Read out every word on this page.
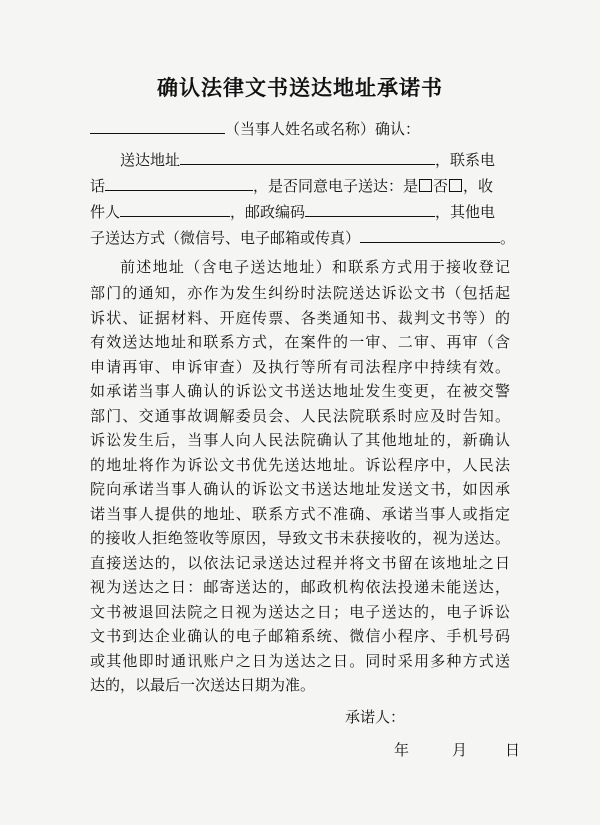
确认法律文书送达地址承诺书
（当事人姓名或名称）确认：
送达地址	，联系电
话	，是否同意电子送达：是 否 ，收
件人	，邮政编码	，其他电
子送达方式（微信号、电子邮箱或传真）	。
前述地址（含电子送达地址）和联系方式用于接收登记
部门的通知，亦作为发生纠纷时法院送达诉讼文书（包括起
诉状、证据材料、开庭传票、各类通知书、裁判文书等）的
有效送达地址和联系方式，在案件的一审、二审、再审（含
申请再审、申诉审查）及执行等所有司法程序中持续有效。
如承诺当事人确认的诉讼文书送达地址发生变更，在被交警
部门、交通事故调解委员会、人民法院联系时应及时告知。
诉讼发生后，当事人向人民法院确认了其他地址的，新确认
的地址将作为诉讼文书优先送达地址。诉讼程序中，人民法
院向承诺当事人确认的诉讼文书送达地址发送文书，如因承
诺当事人提供的地址、联系方式不准确、承诺当事人或指定
的接收人拒绝签收等原因，导致文书未获接收的，视为送达。
直接送达的，以依法记录送达过程并将文书留在该地址之日
视为送达之日：邮寄送达的，邮政机构依法投递未能送达，
文书被退回法院之日视为送达之日；电子送达的，电子诉讼
文书到达企业确认的电子邮箱系统、微信小程序、手机号码
或其他即时通讯账户之日为送达之日。同时采用多种方式送
达的，以最后一次送达日期为准。
承诺人：
年	月	日
